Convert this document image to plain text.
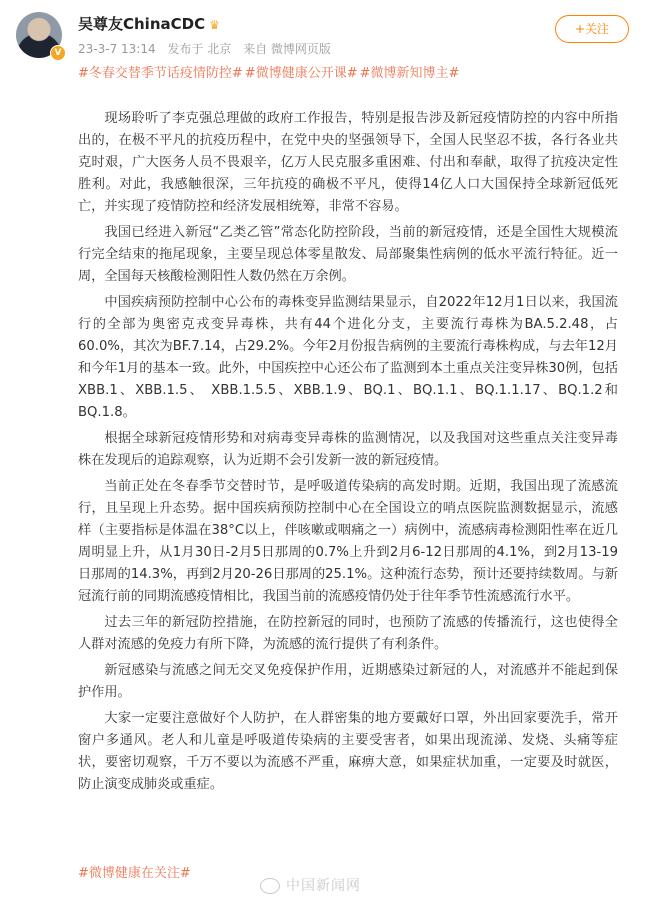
V
吴尊友ChinaCDC ♛
23-3-7 13:14 发布于 北京 来自 微博网页版
+关注
#冬春交替季节话疫情防控# #微博健康公开课# #微博新知博主#

现场聆听了李克强总理做的政府工作报告，特别是报告涉及新冠疫情防控的内容中所指出的，在极不平凡的抗疫历程中，在党中央的坚强领导下，全国人民坚忍不拔，各行各业共克时艰，广大医务人员不畏艰辛，亿万人民克服多重困难、付出和奉献，取得了抗疫决定性胜利。对此，我感触很深，三年抗疫的确极不平凡，使得14亿人口大国保持全球新冠低死亡，并实现了疫情防控和经济发展相统筹，非常不容易。

我国已经进入新冠“乙类乙管”常态化防控阶段，当前的新冠疫情，还是全国性大规模流行完全结束的拖尾现象，主要呈现总体零星散发、局部聚集性病例的低水平流行特征。近一周，全国每天核酸检测阳性人数仍然在万余例。

中国疾病预防控制中心公布的毒株变异监测结果显示，自2022年12月1日以来，我国流行的全部为奥密克戎变异毒株，共有44个进化分支，主要流行毒株为BA.5.2.48，占60.0%，其次为BF.7.14，占29.2%。今年2月份报告病例的主要流行毒株构成，与去年12月和今年1月的基本一致。此外，中国疾控中心还公布了监测到本土重点关注变异株30例，包括 XBB.1、XBB.1.5、 XBB.1.5.5、XBB.1.9、BQ.1、BQ.1.1、BQ.1.1.17、BQ.1.2和BQ.1.8。

根据全球新冠疫情形势和对病毒变异毒株的监测情况，以及我国对这些重点关注变异毒株在发现后的追踪观察，认为近期不会引发新一波的新冠疫情。

当前正处在冬春季节交替时节，是呼吸道传染病的高发时期。近期，我国出现了流感流行，且呈现上升态势。据中国疾病预防控制中心在全国设立的哨点医院监测数据显示，流感样（主要指标是体温在38°C以上，伴咳嗽或咽痛之一）病例中，流感病毒检测阳性率在近几周明显上升，从1月30日-2月5日那周的0.7%上升到2月6-12日那周的4.1%，到2月13-19日那周的14.3%，再到2月20-26日那周的25.1%。这种流行态势，预计还要持续数周。与新冠流行前的同期流感疫情相比，我国当前的流感疫情仍处于往年季节性流感流行水平。

过去三年的新冠防控措施，在防控新冠的同时，也预防了流感的传播流行，这也使得全人群对流感的免疫力有所下降，为流感的流行提供了有利条件。

新冠感染与流感之间无交叉免疫保护作用，近期感染过新冠的人，对流感并不能起到保护作用。

大家一定要注意做好个人防护，在人群密集的地方要戴好口罩，外出回家要洗手，常开窗户多通风。老人和儿童是呼吸道传染病的主要受害者，如果出现流涕、发烧、头痛等症状，要密切观察，千万不要以为流感不严重，麻痹大意，如果症状加重，一定要及时就医，防止演变成肺炎或重症。

#微博健康在关注#
中国新闻网
